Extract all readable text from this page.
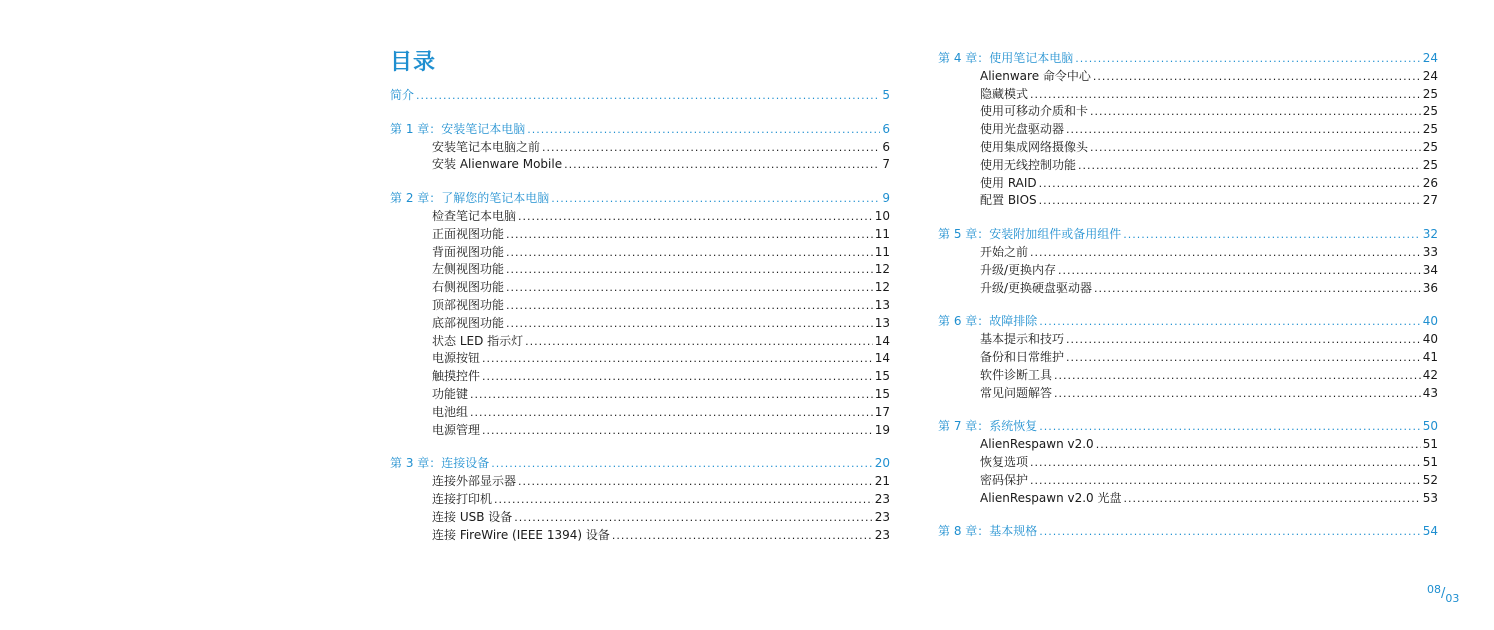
目录
简介 .....	5
第 1 章：安装笔记本电脑 .....	6
安装笔记本电脑之前 .....	6
安装 Alienware Mobile .....	7
第 2 章：了解您的笔记本电脑 .....	9
检查笔记本电脑 .....	10
正面视图功能 .....	11
背面视图功能 .....	11
左侧视图功能 .....	12
右侧视图功能 .....	12
顶部视图功能 .....	13
底部视图功能 .....	13
状态 LED 指示灯 .....	14
电源按钮 .....	14
触摸控件 .....	15
功能键 .....	15
电池组 .....	17
电源管理 .....	19
第 3 章：连接设备 .....	20
连接外部显示器 .....	21
连接打印机 .....	23
连接 USB 设备 .....	23
连接 FireWire (IEEE 1394) 设备 .....	23
第 4 章：使用笔记本电脑 .....	24
Alienware 命令中心 .....	24
隐藏模式 .....	25
使用可移动介质和卡 .....	25
使用光盘驱动器 .....	25
使用集成网络摄像头 .....	25
使用无线控制功能 .....	25
使用 RAID .....	26
配置 BIOS .....	27
第 5 章：安装附加组件或备用组件 .....	32
开始之前 .....	33
升级/更换内存 .....	34
升级/更换硬盘驱动器 .....	36
第 6 章：故障排除 .....	40
基本提示和技巧 .....	40
备份和日常维护 .....	41
软件诊断工具 .....	42
常见问题解答 .....	43
第 7 章：系统恢复 .....	50
AlienRespawn v2.0 .....	51
恢复选项 .....	51
密码保护 .....	52
AlienRespawn v2.0 光盘 .....	53
第 8 章：基本规格 .....	54
08/03
